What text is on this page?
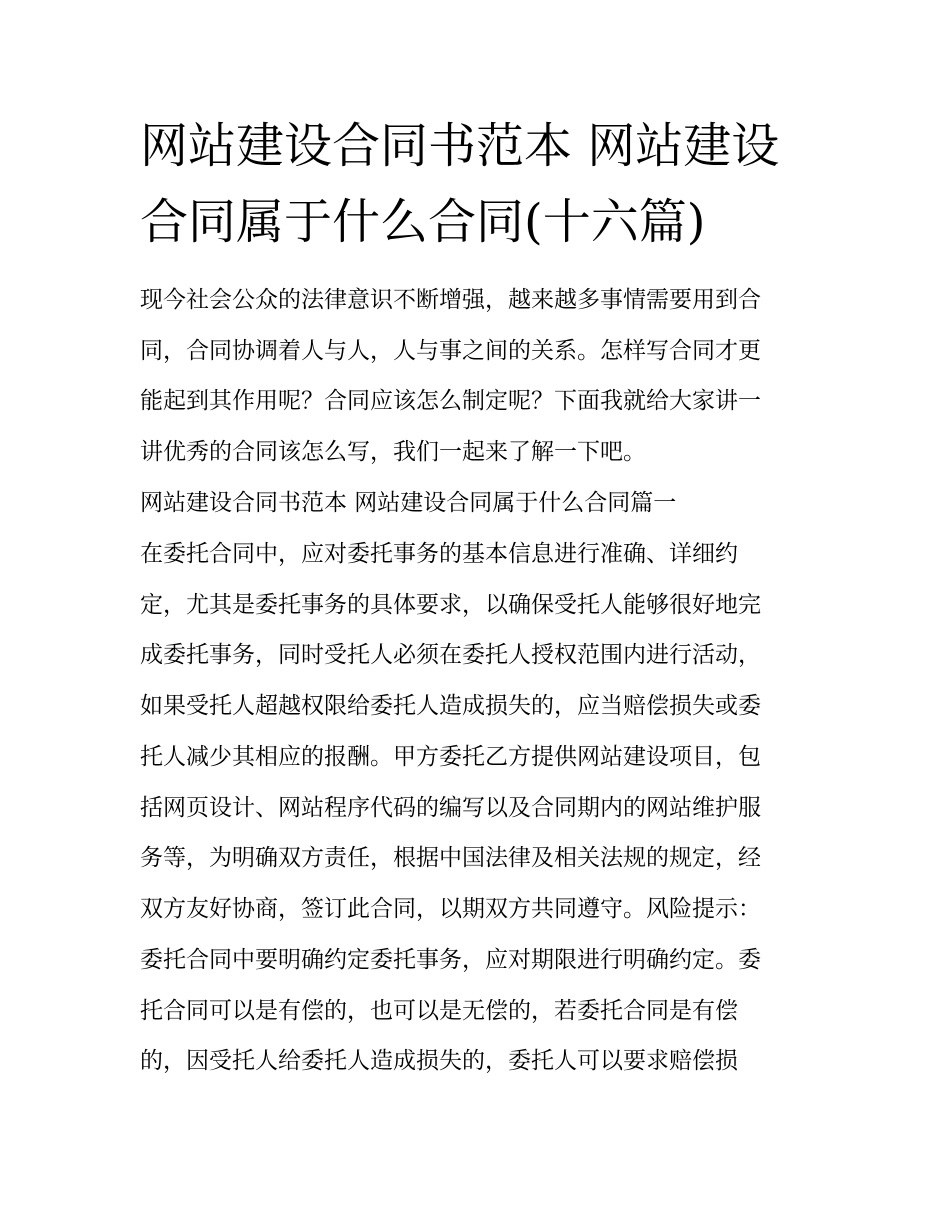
网站建设合同书范本 网站建设
合同属于什么合同(十六篇)
现今社会公众的法律意识不断增强，越来越多事情需要用到合
同，合同协调着人与人，人与事之间的关系。怎样写合同才更
能起到其作用呢？合同应该怎么制定呢？下面我就给大家讲一
讲优秀的合同该怎么写，我们一起来了解一下吧。
网站建设合同书范本 网站建设合同属于什么合同篇一
在委托合同中，应对委托事务的基本信息进行准确、详细约
定，尤其是委托事务的具体要求，以确保受托人能够很好地完
成委托事务，同时受托人必须在委托人授权范围内进行活动，
如果受托人超越权限给委托人造成损失的，应当赔偿损失或委
托人减少其相应的报酬。甲方委托乙方提供网站建设项目，包
括网页设计、网站程序代码的编写以及合同期内的网站维护服
务等，为明确双方责任，根据中国法律及相关法规的规定，经
双方友好协商，签订此合同，以期双方共同遵守。风险提示：
委托合同中要明确约定委托事务，应对期限进行明确约定。委
托合同可以是有偿的，也可以是无偿的，若委托合同是有偿
的，因受托人给委托人造成损失的，委托人可以要求赔偿损
